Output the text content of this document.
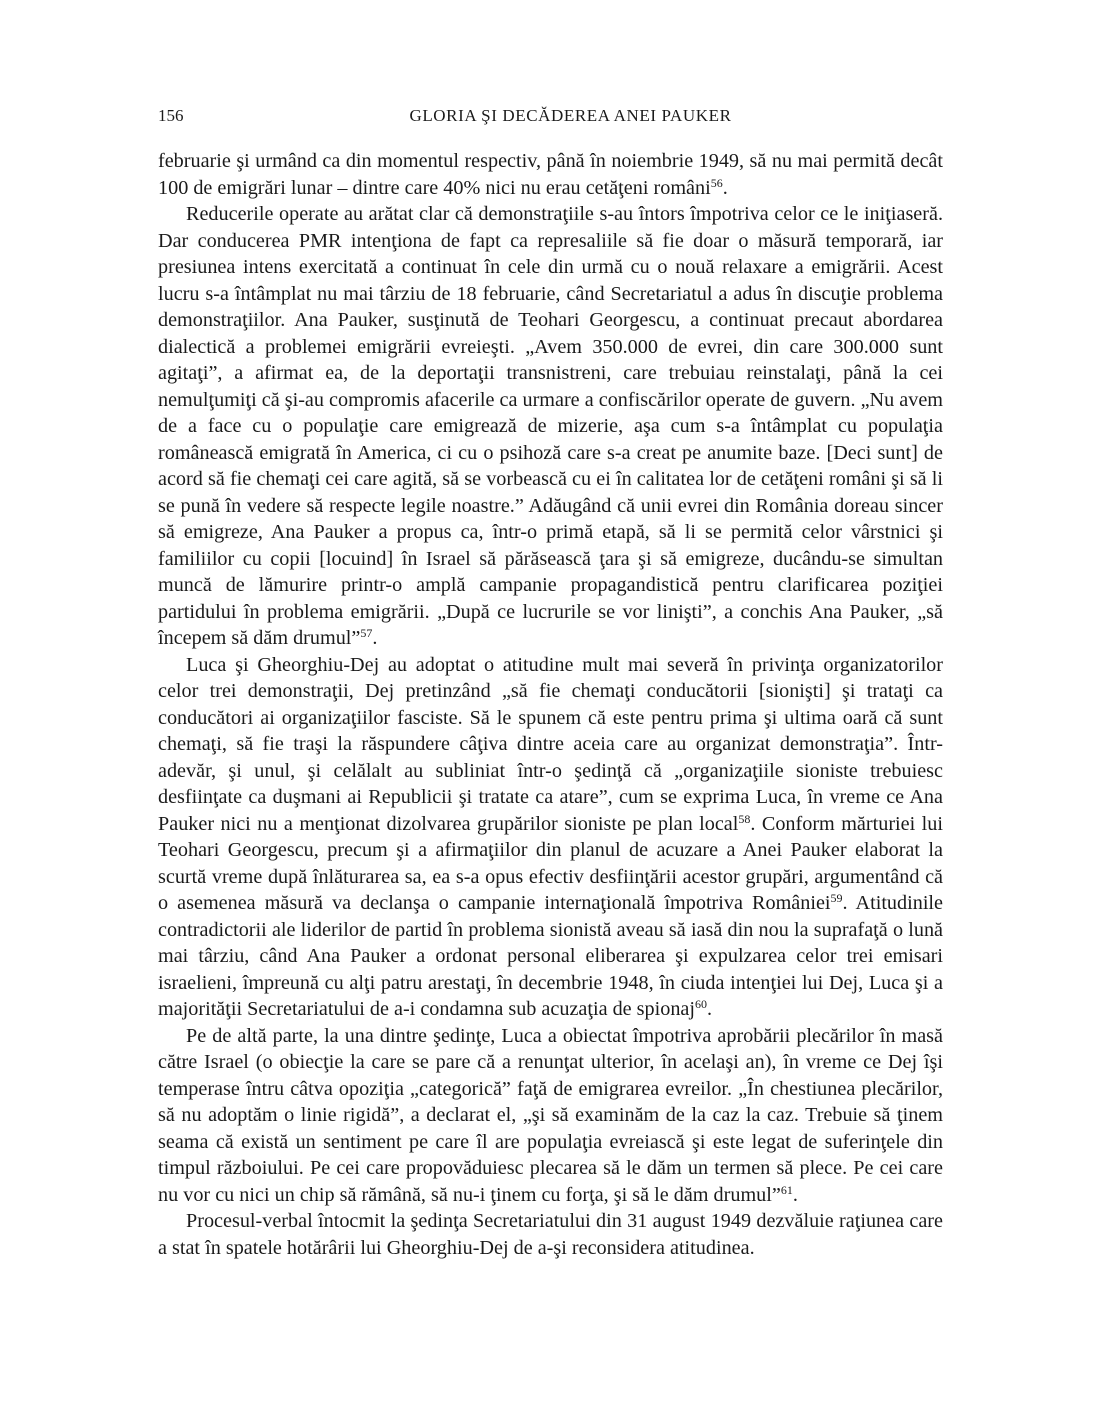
156	GLORIA ŞI DECĂDEREA ANEI PAUKER

februarie şi urmând ca din momentul respectiv, până în noiembrie 1949, să nu mai permită decât 100 de emigrări lunar – dintre care 40% nici nu erau cetăţeni români$^{56}$.

Reducerile operate au arătat clar că demonstraţiile s-au întors împotriva celor ce le iniţiaseră. Dar conducerea PMR intenţiona de fapt ca represaliile să fie doar o măsură temporară, iar presiunea intens exercitată a continuat în cele din urmă cu o nouă relaxare a emigrării. Acest lucru s-a întâmplat nu mai târziu de 18 februarie, când Secretariatul a adus în discuţie problema demonstraţiilor. Ana Pauker, susţinută de Teohari Georgescu, a continuat precaut abordarea dialectică a problemei emigrării evreieşti. „Avem 350.000 de evrei, din care 300.000 sunt agitaţi”, a afirmat ea, de la deportaţii transnistreni, care trebuiau reinstalaţi, până la cei nemulţumiţi că şi-au compromis afacerile ca urmare a confiscărilor operate de guvern. „Nu avem de a face cu o populaţie care emigrează de mizerie, aşa cum s-a întâmplat cu populaţia românească emigrată în America, ci cu o psihoză care s-a creat pe anumite baze. [Deci sunt] de acord să fie chemaţi cei care agită, să se vorbească cu ei în calitatea lor de cetăţeni români şi să li se pună în vedere să respecte legile noastre.” Adăugând că unii evrei din România doreau sincer să emigreze, Ana Pauker a propus ca, într-o primă etapă, să li se permită celor vârstnici şi familiilor cu copii [locuind] în Israel să părăsească ţara şi să emigreze, ducându-se simultan muncă de lămurire printr-o amplă campanie propagandistică pentru clarificarea poziţiei partidului în problema emigrării. „După ce lucrurile se vor linişti”, a conchis Ana Pauker, „să începem să dăm drumul”$^{57}$.

Luca şi Gheorghiu-Dej au adoptat o atitudine mult mai severă în privinţa organizatorilor celor trei demonstraţii, Dej pretinzând „să fie chemaţi conducătorii [sionişti] şi trataţi ca conducători ai organizaţiilor fasciste. Să le spunem că este pentru prima şi ultima oară că sunt chemaţi, să fie traşi la răspundere câţiva dintre aceia care au organizat demonstraţia”. Într-adevăr, şi unul, şi celălalt au subliniat într-o şedinţă că „organizaţiile sioniste trebuiesc desfiinţate ca duşmani ai Republicii şi tratate ca atare”, cum se exprima Luca, în vreme ce Ana Pauker nici nu a menţionat dizolvarea grupărilor sioniste pe plan local$^{58}$. Conform mărturiei lui Teohari Georgescu, precum şi a afirmaţiilor din planul de acuzare a Anei Pauker elaborat la scurtă vreme după înlăturarea sa, ea s-a opus efectiv desfiinţării acestor grupări, argumentând că o asemenea măsură va declanşa o campanie internaţională împotriva României$^{59}$. Atitudinile contradictorii ale liderilor de partid în problema sionistă aveau să iasă din nou la suprafaţă o lună mai târziu, când Ana Pauker a ordonat personal eliberarea şi expulzarea celor trei emisari israelieni, împreună cu alţi patru arestaţi, în decembrie 1948, în ciuda intenţiei lui Dej, Luca şi a majorităţii Secretariatului de a-i condamna sub acuzaţia de spionaj$^{60}$.

Pe de altă parte, la una dintre şedinţe, Luca a obiectat împotriva aprobării plecărilor în masă către Israel (o obiecţie la care se pare că a renunţat ulterior, în acelaşi an), în vreme ce Dej îşi temperase întru câtva opoziţia „categorică” faţă de emigrarea evreilor. „În chestiunea plecărilor, să nu adoptăm o linie rigidă”, a declarat el, „şi să examinăm de la caz la caz. Trebuie să ţinem seama că există un sentiment pe care îl are populaţia evreiască şi este legat de suferinţele din timpul războiului. Pe cei care propovăduiesc plecarea să le dăm un termen să plece. Pe cei care nu vor cu nici un chip să rămână, să nu-i ţinem cu forţa, şi să le dăm drumul”$^{61}$.

Procesul-verbal întocmit la şedinţa Secretariatului din 31 august 1949 dezvăluie raţiunea care a stat în spatele hotărârii lui Gheorghiu-Dej de a-şi reconsidera atitudinea.
